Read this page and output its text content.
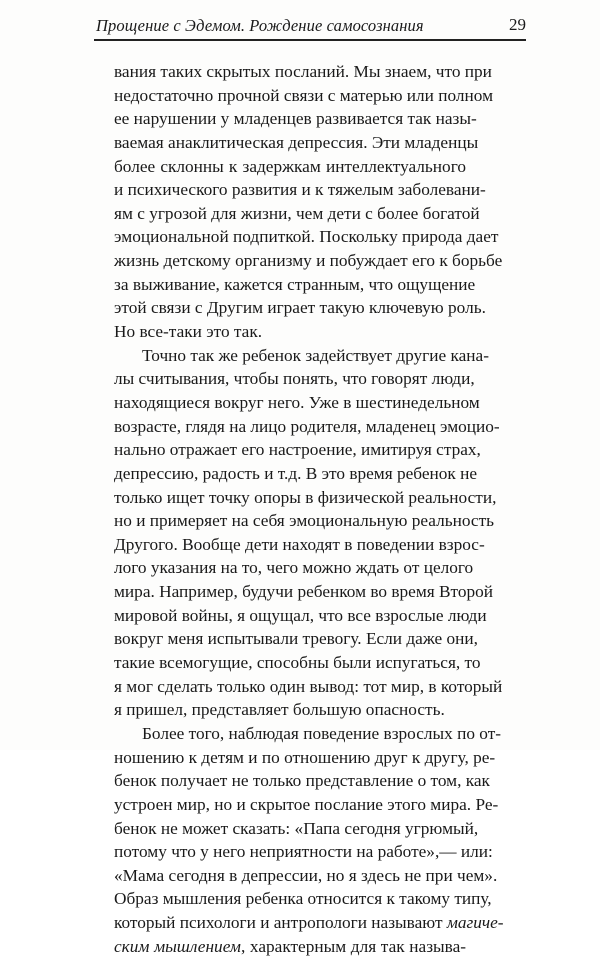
Прощение с Эдемом. Рождение самосознания	29
вания таких скрытых посланий. Мы знаем, что при
недостаточно прочной связи с матерью или полном
ее нарушении у младенцев развивается так назы-
ваемая анаклитическая депрессия. Эти младенцы
более склонны к задержкам интеллектуального
и психического развития и к тяжелым заболевани-
ям с угрозой для жизни, чем дети с более богатой
эмоциональной подпиткой. Поскольку природа дает
жизнь детскому организму и побуждает его к борьбе
за выживание, кажется странным, что ощущение
этой связи с Другим играет такую ключевую роль.
Но все-таки это так.
Точно так же ребенок задействует другие кана-
лы считывания, чтобы понять, что говорят люди,
находящиеся вокруг него. Уже в шестинедельном
возрасте, глядя на лицо родителя, младенец эмоцио-
нально отражает его настроение, имитируя страх,
депрессию, радость и т.д. В это время ребенок не
только ищет точку опоры в физической реальности,
но и примеряет на себя эмоциональную реальность
Другого. Вообще дети находят в поведении взрос-
лого указания на то, чего можно ждать от целого
мира. Например, будучи ребенком во время Второй
мировой войны, я ощущал, что все взрослые люди
вокруг меня испытывали тревогу. Если даже они,
такие всемогущие, способны были испугаться, то
я мог сделать только один вывод: тот мир, в который
я пришел, представляет большую опасность.
Более того, наблюдая поведение взрослых по от-
ношению к детям и по отношению друг к другу, ре-
бенок получает не только представление о том, как
устроен мир, но и скрытое послание этого мира. Ре-
бенок не может сказать: «Папа сегодня угрюмый,
потому что у него неприятности на работе»,— или:
«Мама сегодня в депрессии, но я здесь не при чем».
Образ мышления ребенка относится к такому типу,
который психологи и антропологи называют магиче-
ским мышлением, характерным для так называ-
